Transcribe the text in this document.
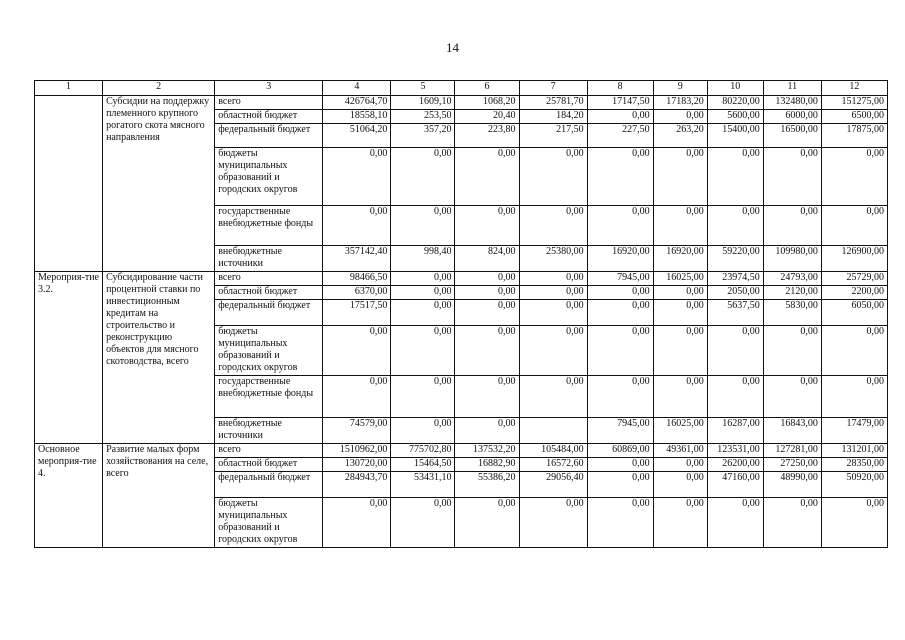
14
1	2	3	4	5	6	7	8	9	10	11	12
	Субсидии на поддержку племенного крупного рогатого скота мясного направления	всего	426764,70	1609,10	1068,20	25781,70	17147,50	17183,20	80220,00	132480,00	151275,00
		областной бюджет	18558,10	253,50	20,40	184,20	0,00	0,00	5600,00	6000,00	6500,00
		федеральный бюджет	51064,20	357,20	223,80	217,50	227,50	263,20	15400,00	16500,00	17875,00
		бюджеты муниципальных образований и городских округов	0,00	0,00	0,00	0,00	0,00	0,00	0,00	0,00	0,00
		государственные внебюджетные фонды	0,00	0,00	0,00	0,00	0,00	0,00	0,00	0,00	0,00
		внебюджетные источники	357142,40	998,40	824,00	25380,00	16920,00	16920,00	59220,00	109980,00	126900,00
Мероприя-тие 3.2.	Субсидирование части процентной ставки по инвестиционным кредитам на строительство и реконструкцию объектов для мясного скотоводства, всего	всего	98466,50	0,00	0,00	0,00	7945,00	16025,00	23974,50	24793,00	25729,00
		областной бюджет	6370,00	0,00	0,00	0,00	0,00	0,00	2050,00	2120,00	2200,00
		федеральный бюджет	17517,50	0,00	0,00	0,00	0,00	0,00	5637,50	5830,00	6050,00
		бюджеты муниципальных образований и городских округов	0,00	0,00	0,00	0,00	0,00	0,00	0,00	0,00	0,00
		государственные внебюджетные фонды	0,00	0,00	0,00	0,00	0,00	0,00	0,00	0,00	0,00
		внебюджетные источники	74579,00	0,00	0,00		7945,00	16025,00	16287,00	16843,00	17479,00
Основное мероприя-тие 4.	Развитие малых форм хозяйствования на селе, всего	всего	1510962,00	775702,80	137532,20	105484,00	60869,00	49361,00	123531,00	127281,00	131201,00
		областной бюджет	130720,00	15464,50	16882,90	16572,60	0,00	0,00	26200,00	27250,00	28350,00
		федеральный бюджет	284943,70	53431,10	55386,20	29056,40	0,00	0,00	47160,00	48990,00	50920,00
		бюджеты муниципальных образований и городских округов	0,00	0,00	0,00	0,00	0,00	0,00	0,00	0,00	0,00
